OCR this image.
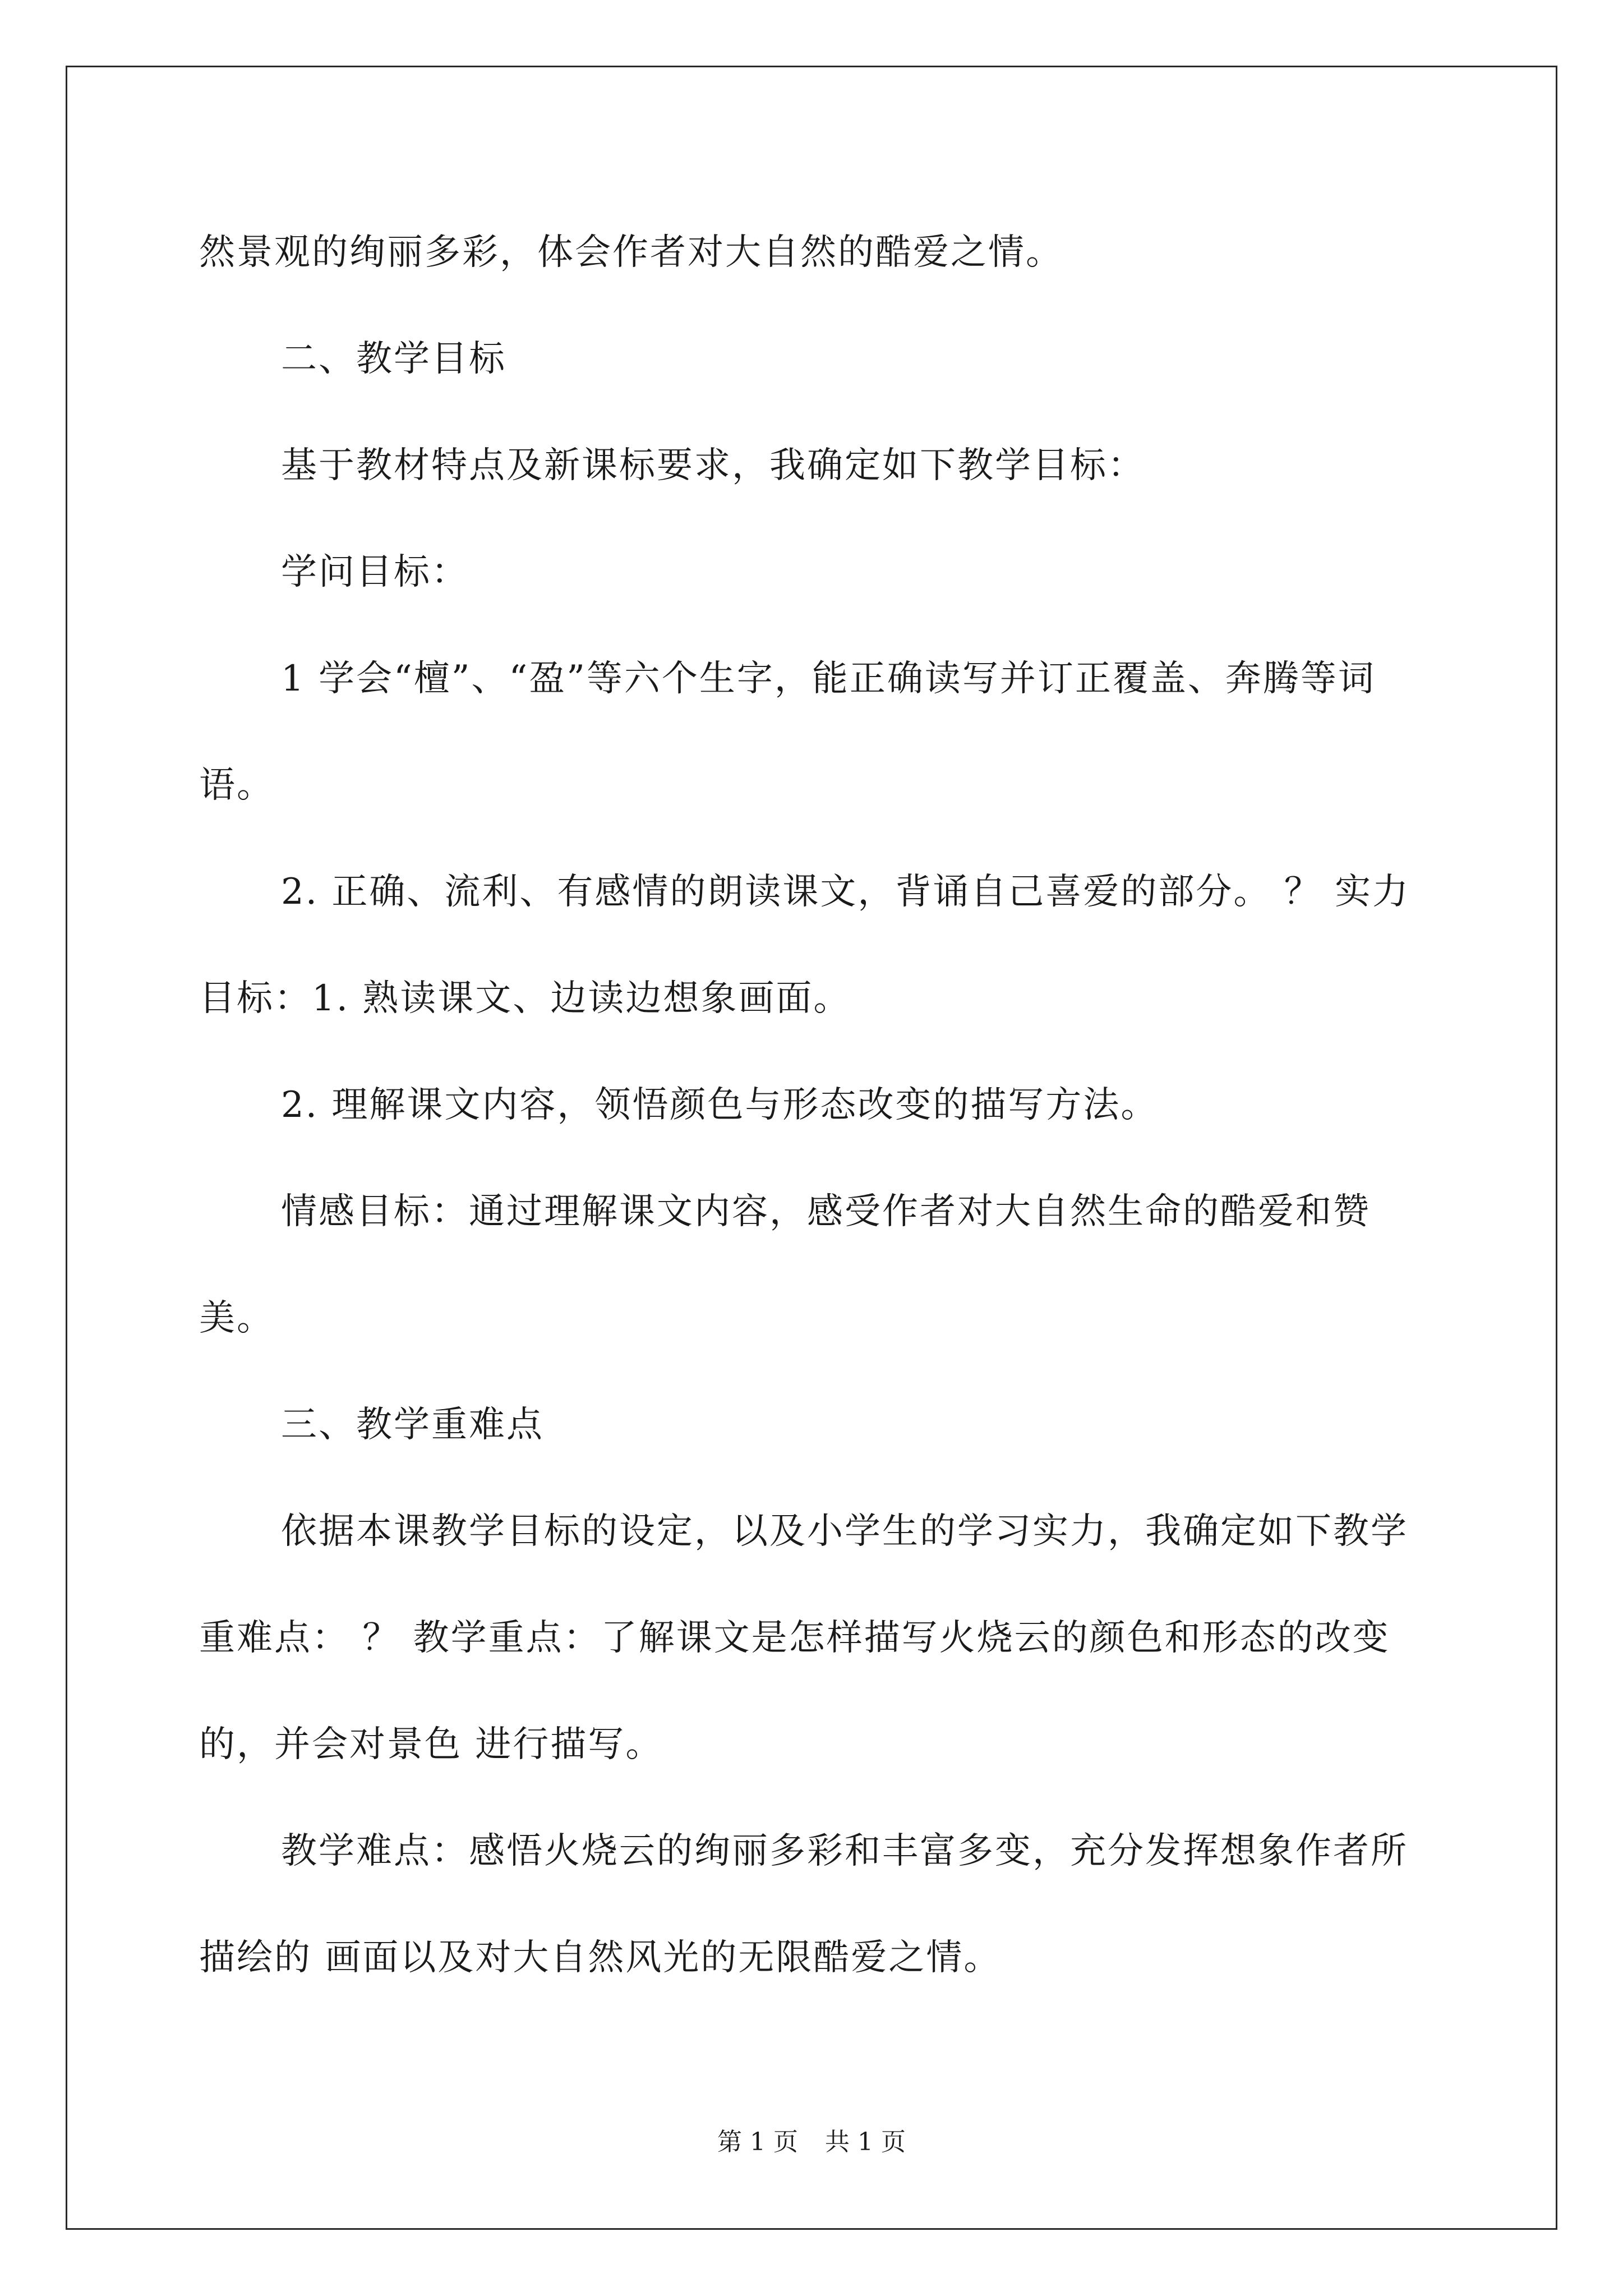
然景观的绚丽多彩，体会作者对大自然的酷爱之情。

二、教学目标

基于教材特点及新课标要求，我确定如下教学目标：

学问目标：

1 学会“檀”、“盈”等六个生字，能正确读写并订正覆盖、奔腾等词语。

2. 正确、流利、有感情的朗读课文，背诵自己喜爱的部分。 ？ 实力目标：1. 熟读课文、边读边想象画面。

2. 理解课文内容，领悟颜色与形态改变的描写方法。

情感目标：通过理解课文内容，感受作者对大自然生命的酷爱和赞美。

三、教学重难点

依据本课教学目标的设定，以及小学生的学习实力，我确定如下教学重难点： ？ 教学重点：了解课文是怎样描写火烧云的颜色和形态的改变的，并会对景色 进行描写。

教学难点：感悟火烧云的绚丽多彩和丰富多变，充分发挥想象作者所描绘的 画面以及对大自然风光的无限酷爱之情。

第 1 页 共 1 页
